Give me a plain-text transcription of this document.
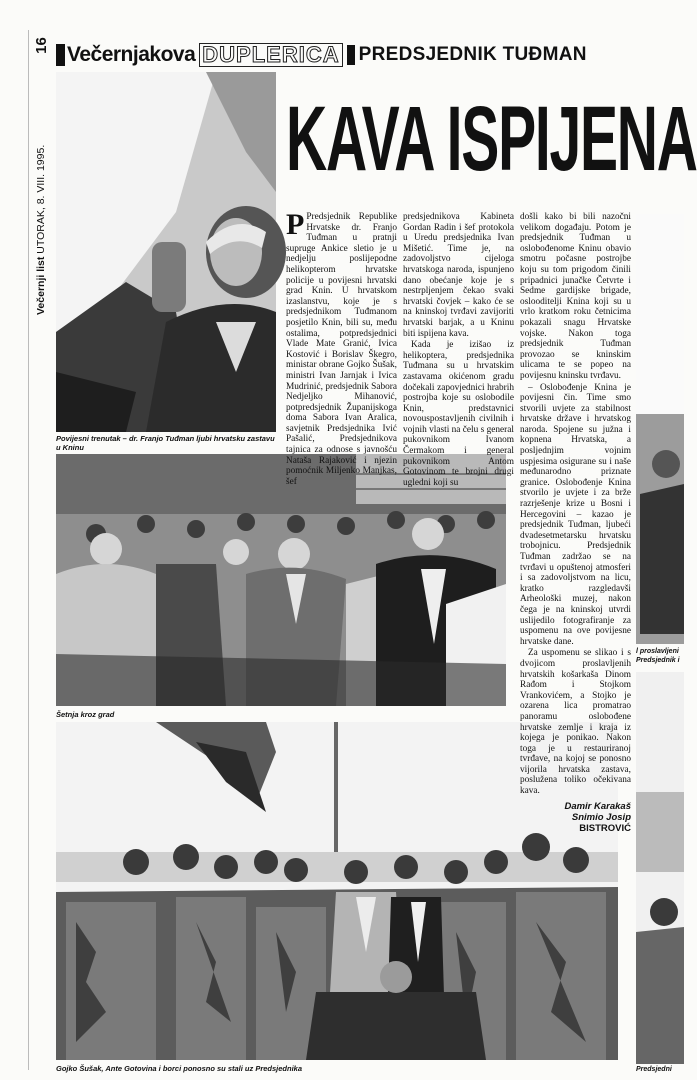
16
Večernji list UTORAK, 8. VIII. 1995.
Večernjakova DUPLERICA PREDSJEDNIK TUĐMAN
KAVA ISPIJENA
Povijesni trenutak – dr. Franjo Tuđman ljubi hrvatsku zastavu u Kninu
Šetnja kroz grad
Gojko Šušak, Ante Gotovina i borci ponosno su stali uz Predsjednika

P Predsjednik Republike Hrvatske dr. Franjo Tuđman u pratnji supruge Ankice sletio je u nedjelju poslijepodne helikopterom hrvatske policije u povijesni hrvatski grad Knin. U hrvatskom izaslanstvu, koje je s predsjednikom Tuđmanom posjetilo Knin, bili su, među ostalima, potpredsjednici Vlade Mate Granić, Ivica Kostović i Borislav Škegro, ministar obrane Gojko Šušak, ministri Ivan Jarnjak i Ivica Mudrinić, predsjednik Sabora Nedjeljko Mihanović, potpredsjednik Županijskoga doma Sabora Ivan Aralica, savjetnik Predsjednika Ivić Pašalić, Predsjednikova tajnica za odnose s javnošću Nataša Rajaković i njezin pomoćnik Miljenko Manjkas, šef

predsjednikova Kabineta Gordan Radin i šef protokola u Uredu predsjednika Ivan Mišetić. Time je, na zadovoljstvo cijeloga hrvatskoga naroda, ispunjeno dano obećanje koje je s nestrpljenjem čekao svaki hrvatski čovjek – kako će se na kninskoj tvrđavi zavijoriti hrvatski barjak, a u Kninu biti ispijena kava.

Kada je izišao iz helikoptera, predsjednika Tuđmana su u hrvatskim zastavama okićenom gradu dočekali zapovjednici hrabrih postrojba koje su oslobodile Knin, predstavnici novouspostavljenih civilnih i vojnih vlasti na čelu s general pukovnikom Ivanom Čermakom i general pukovnikom Antom Gotovinom te brojni drugi ugledni koji su

došli kako bi bili nazočni velikom događaju. Potom je predsjednik Tuđman u oslobođenome Kninu obavio smotru počasne postrojbe koju su tom prigodom činili pripadnici junačke Četvrte i Sedme gardijske brigade, oslooditelji Knina koji su u vrlo kratkom roku četnicima pokazali snagu Hrvatske vojske. Nakon toga predsjednik Tuđman provozao se kninskim ulicama te se popeo na povijesnu kninsku tvrđavu.

– Oslobođenje Knina je povijesni čin. Time smo stvorili uvjete za stabilnost hrvatske države i hrvatskog naroda. Spojene su južna i kopnena Hrvatska, a posljednjim vojnim uspjesima osigurane su i naše međunarodno priznate granice. Oslobođenje Knina stvorilo je uvjete i za brže razrješenje krize u Bosni i Hercegovini – kazao je predsjednik Tuđman, ljubeći dvadesetmetarsku hrvatsku trobojnicu. Predsjednik Tuđman zadržao se na tvrđavi u opuštenoj atmosferi i sa zadovoljstvom na licu, kratko razgledavši Arheološki muzej, nakon čega je na kninskoj utvrdi uslijedilo fotografiranje za uspomenu na ove povijesne hrvatske dane.

Za uspomenu se slikao i s dvojicom proslavljenih hrvatskih košarkaša Dinom Rađom i Stojkom Vrankovićem, a Stojko je ozarena lica promatrao panoramu oslobođene hrvatske zemlje i kraja iz kojega je ponikao. Nakon toga je u restauriranoj tvrđave, na kojoj se ponosno vijorila hrvatska zastava, posluženа toliko očekivana kava.

Damir Karakaš
Snimio Josip
BISTROVIĆ
l proslavljeni
Predsjednik i
Predsjedni
